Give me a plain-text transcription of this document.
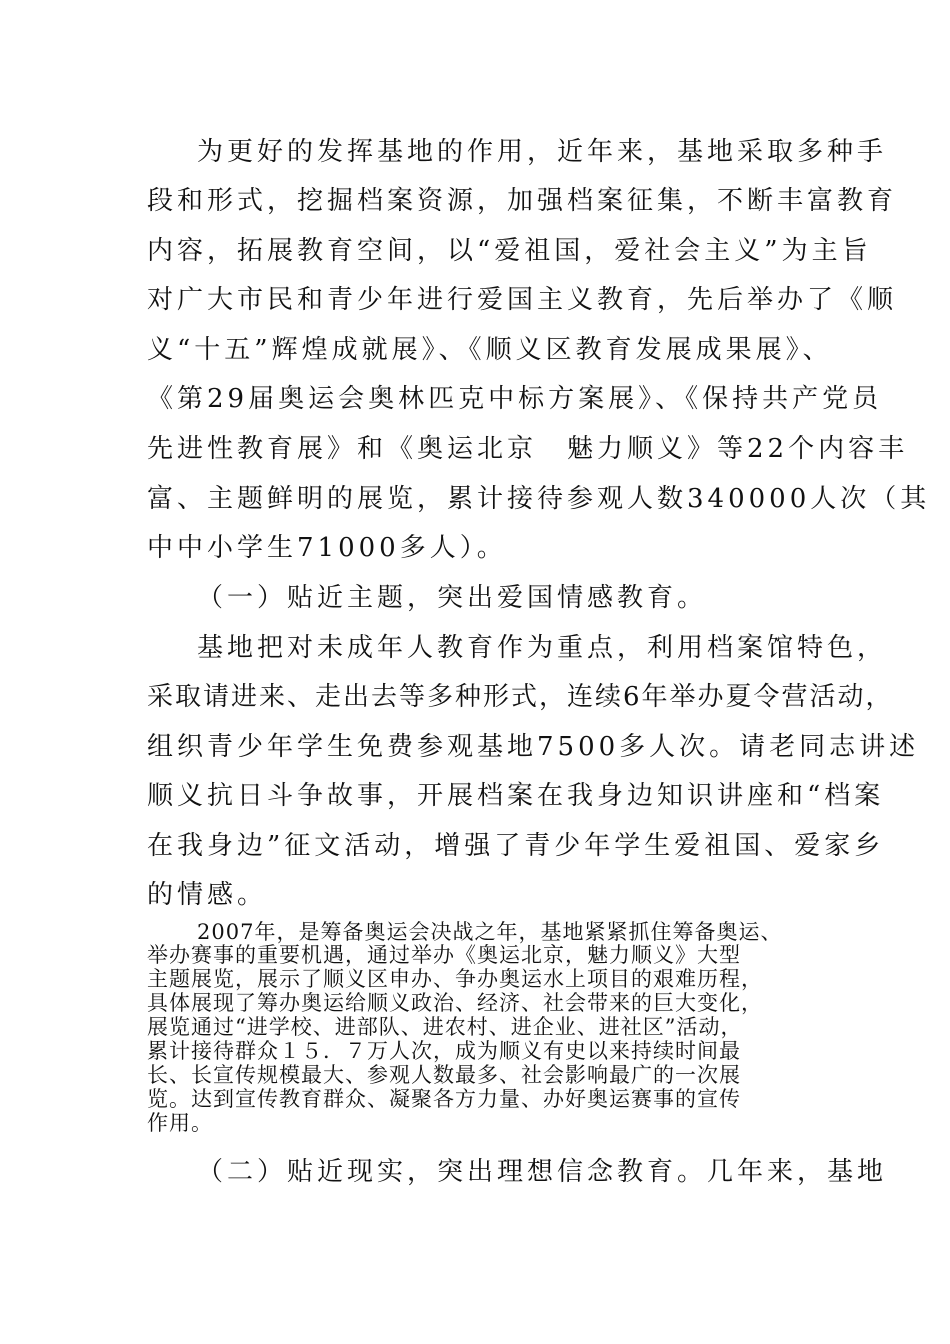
为更好的发挥基地的作用，近年来，基地采取多种手
段和形式，挖掘档案资源，加强档案征集，不断丰富教育
内容，拓展教育空间，以“爱祖国，爱社会主义”为主旨
对广大市民和青少年进行爱国主义教育，先后举办了《顺
义“十五”辉煌成就展》、《顺义区教育发展成果展》、
《第29届奥运会奥林匹克中标方案展》、《保持共产党员
先进性教育展》和《奥运北京　魅力顺义》等22个内容丰
富、主题鲜明的展览，累计接待参观人数340000人次（其
中中小学生71000多人）。
（一）贴近主题，突出爱国情感教育。
基地把对未成年人教育作为重点，利用档案馆特色，
采取请进来、走出去等多种形式，连续6年举办夏令营活动，
组织青少年学生免费参观基地7500多人次。请老同志讲述
顺义抗日斗争故事，开展档案在我身边知识讲座和“档案
在我身边”征文活动，增强了青少年学生爱祖国、爱家乡
的情感。
2007年，是筹备奥运会决战之年，基地紧紧抓住筹备奥运、
举办赛事的重要机遇，通过举办《奥运北京，魅力顺义》大型
主题展览，展示了顺义区申办、争办奥运水上项目的艰难历程，
具体展现了筹办奥运给顺义政治、经济、社会带来的巨大变化，
展览通过“进学校、进部队、进农村、进企业、进社区”活动，
累计接待群众１５．７万人次，成为顺义有史以来持续时间最
长、长宣传规模最大、参观人数最多、社会影响最广的一次展
览。达到宣传教育群众、凝聚各方力量、办好奥运赛事的宣传
作用。
（二）贴近现实，突出理想信念教育。几年来，基地
